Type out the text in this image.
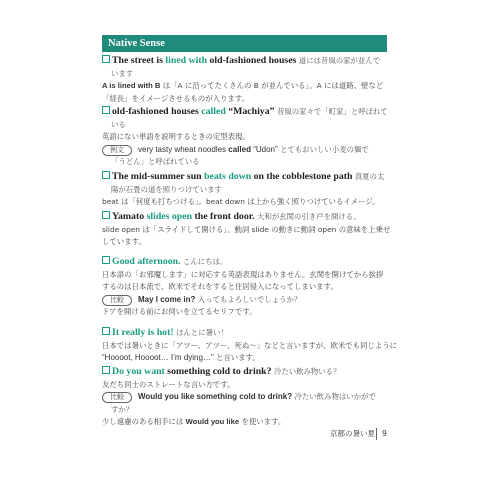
Native Sense
The street is lined with old-fashioned houses 道には昔風の家が並んで
います
A is lined with B は「A に沿ってたくさんの B が並んでいる」。A には道路、壁など
「経長」をイメージさせるものが入ります。
old-fashioned houses called “Machiya” 昔風の家々で「町家」と呼ばれて
いる
英語にない単語を説明するときの定型表現。
例文 very tasty wheat noodles called “Udon” とてもおいしい小麦の麺で
「うどん」と呼ばれている
The mid-summer sun beats down on the cobblestone path 真夏の太
陽が石畳の道を照りつけています
beat は「何度も打ちつける」。beat down は上から強く照りつけているイメージ。
Yamato slides open the front door. 大和が玄関の引き戸を開ける。
slide open は「スライドして開ける」。動詞 slide の動きに動詞 open の意味を上乗せ
しています。
Good afternoon. こんにちは。
日本語の「お邪魔します」に対応する英語表現はありません。玄関を開けてから挨拶
するのは日本流で、欧米でそれをすると住居侵入になってしまいます。
比較 May I come in? 入ってもよろしいでしょうか？
ドアを開ける前にお伺いを立てるセリフです。
It really is hot! ほんとに暑い！
日本では暑いときに「アツー、アツー、死ぬ～」などと言いますが、欧米でも同じように
“Hoooot, Hoooot… I’m dying…” と言います。
Do you want something cold to drink? 冷たい飲み物いる？
友だち同士のストレートな言い方です。
比較 Would you like something cold to drink? 冷たい飲み物はいかがで
すか？
少し遠慮のある相手には Would you like を使います。
京都の暑い夏 9
